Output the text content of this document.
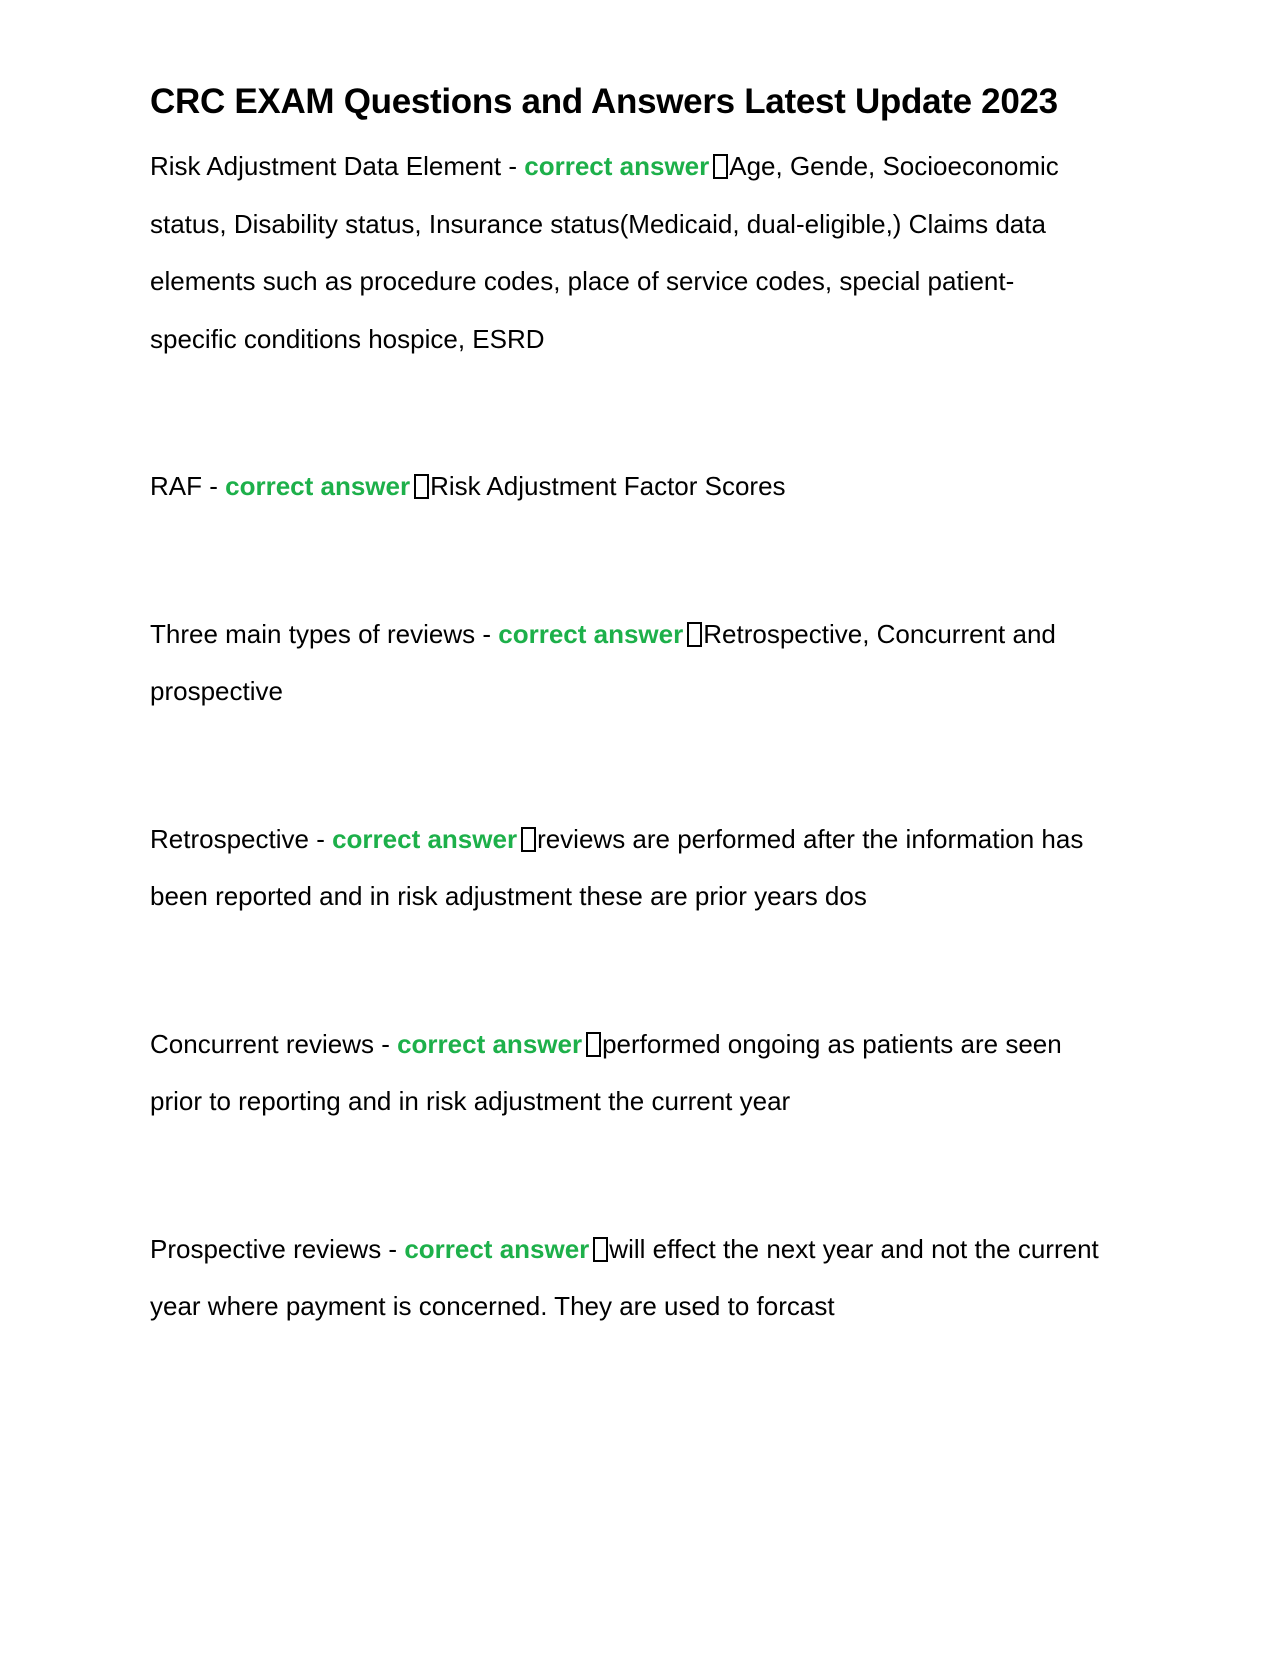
CRC EXAM Questions and Answers Latest Update 2023

Risk Adjustment Data Element - correct answer Age, Gende, Socioeconomic status, Disability status, Insurance status(Medicaid, dual-eligible,) Claims data elements such as procedure codes, place of service codes, special patient-specific conditions hospice, ESRD

RAF - correct answer Risk Adjustment Factor Scores

Three main types of reviews - correct answer Retrospective, Concurrent and prospective

Retrospective - correct answer reviews are performed after the information has been reported and in risk adjustment these are prior years dos

Concurrent reviews - correct answer performed ongoing as patients are seen prior to reporting and in risk adjustment the current year

Prospective reviews - correct answer will effect the next year and not the current year where payment is concerned. They are used to forcast
